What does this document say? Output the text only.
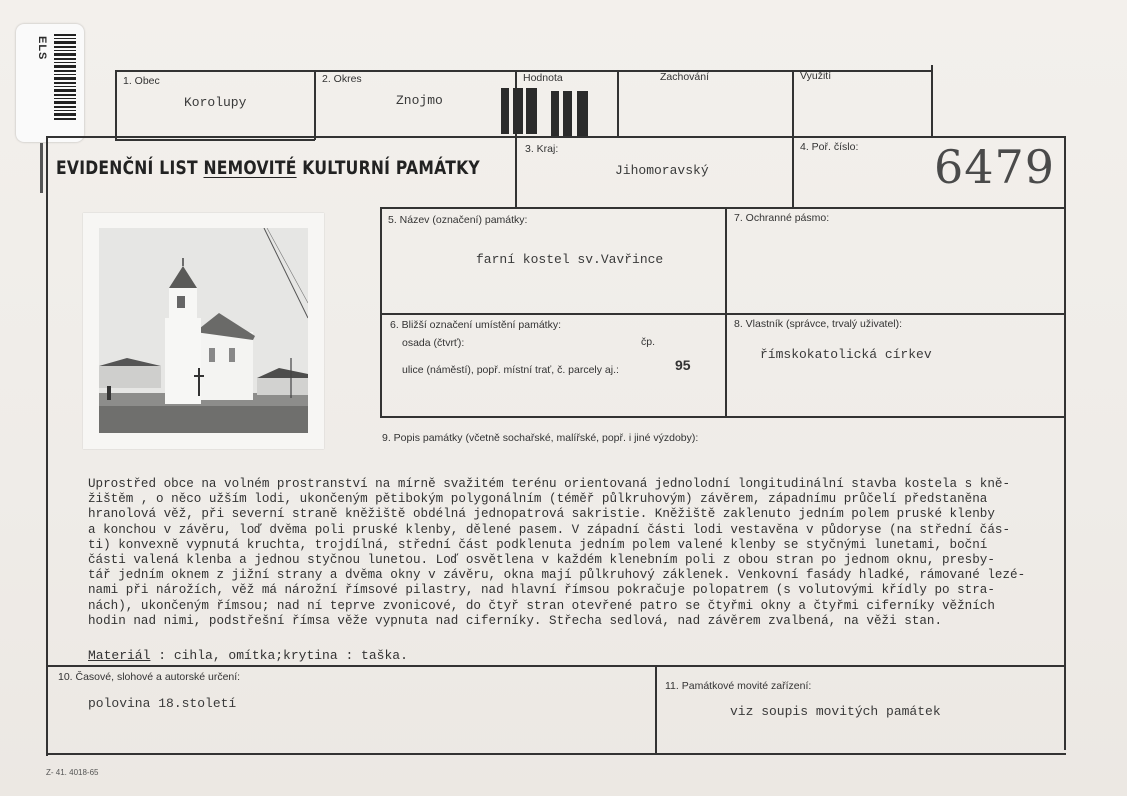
ELS
1. Obec
Korolupy
2. Okres
Znojmo
Hodnota	Zachování	Využití
EVIDENČNÍ LIST NEMOVITÉ KULTURNÍ PAMÁTKY
3. Kraj:
Jihomoravský
4. Poř. číslo: 6479
5. Název (označení) památky:
farní kostel sv.Vavřince
7. Ochranné pásmo:
6. Bližší označení umístění památky:
osada (čtvrť):	čp.
ulice (náměstí), popř. místní trať, č. parcely aj.:	95
8. Vlastník (správce, trvalý uživatel):
římskokatolická církev
9. Popis památky (včetně sochařské, malířské, popř. i jiné výzdoby):
Uprostřed obce na volném prostranství na mírně svažitém terénu orientovaná jednolodní longitudinální stavba kostela s kně-
žištěm , o něco užším lodi, ukončeným pětibokým polygonálním (téměř půlkruhovým) závěrem, západnímu průčelí předstaněna
hranolová věž, při severní straně kněžiště obdélná jednopatrová sakristie. Kněžiště zaklenuto jedním polem pruské klenby
a konchou v závěru, loď dvěma poli pruské klenby, dělené pasem. V západní části lodi vestavěna v půdoryse (na střední čás-
ti) konvexně vypnutá kruchta, trojdílná, střední část podklenuta jedním polem valené klenby se styčnými lunetami, boční
části valená klenba a jednou styčnou lunetou. Loď osvětlena v každém klenebním poli z obou stran po jednom oknu, presby-
tář jedním oknem z jižní strany a dvěma okny v závěru, okna mají půlkruhový záklenek. Venkovní fasády hladké, rámované lezé-
nami při nárožích, věž má nárožní římsové pilastry, nad hlavní římsou pokračuje polopatrem (s volutovými křídly po stra-
nách), ukončeným římsou; nad ní teprve zvonicové, do čtyř stran otevřené patro se čtyřmi okny a čtyřmi ciferníky věžních
hodin nad nimi, podstřešní římsa věže vypnuta nad ciferníky. Střecha sedlová, nad závěrem zvalbená, na věži stan.
Materiál : cihla, omítka;krytina : taška.
10. Časové, slohové a autorské určení:
polovina 18.století
11. Památkové movité zařízení:
viz soupis movitých památek
Z- 41. 4018-65
